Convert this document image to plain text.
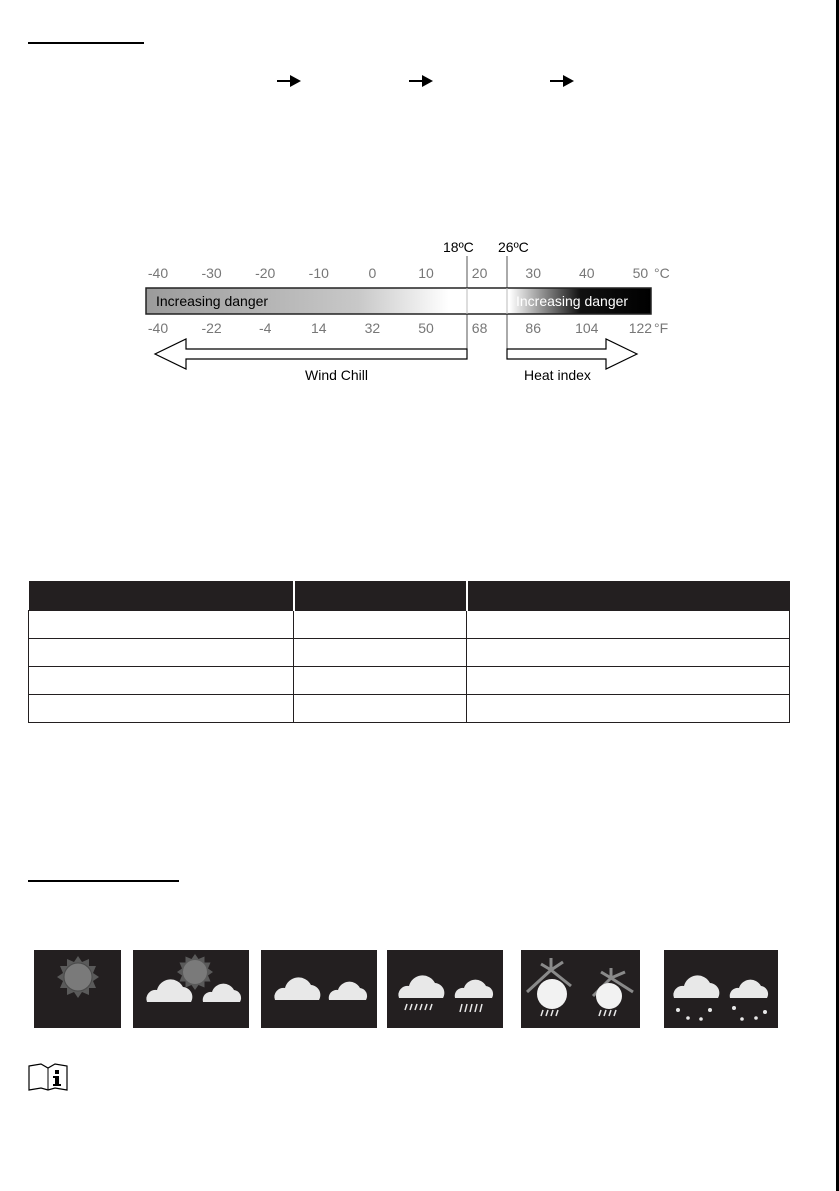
18ºC 26ºC
-40 -30 -20 -10	0	10	20	30	40	50 °C
Increasing danger	Increasing danger
-40 -22	-4	14	32	50	68	86 104 122 °F
Wind Chill	Heat index
